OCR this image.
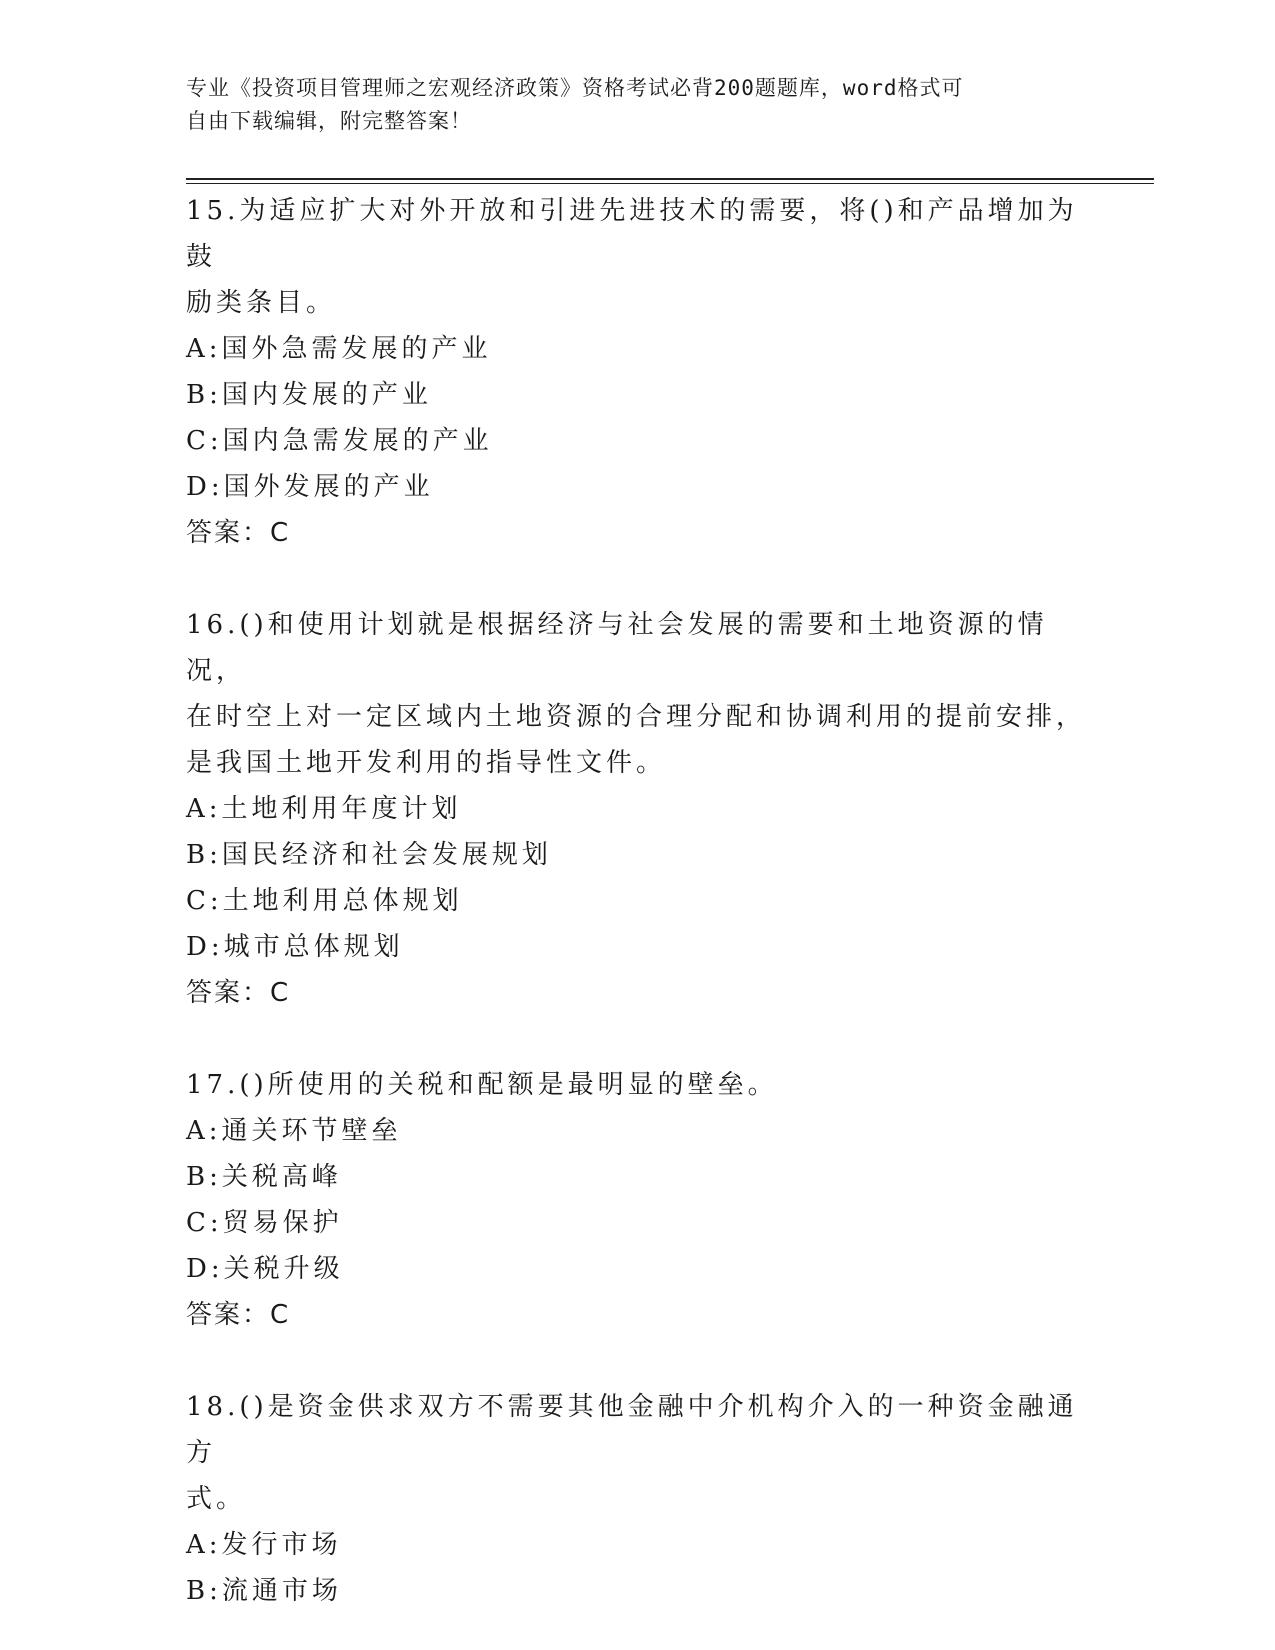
专业《投资项目管理师之宏观经济政策》资格考试必背200题题库，word格式可
自由下载编辑，附完整答案！
15.为适应扩大对外开放和引进先进技术的需要，将()和产品增加为鼓
励类条目。
A:国外急需发展的产业
B:国内发展的产业
C:国内急需发展的产业
D:国外发展的产业
答案：C
16.()和使用计划就是根据经济与社会发展的需要和土地资源的情况，
在时空上对一定区域内土地资源的合理分配和协调利用的提前安排，
是我国土地开发利用的指导性文件。
A:土地利用年度计划
B:国民经济和社会发展规划
C:土地利用总体规划
D:城市总体规划
答案：C
17.()所使用的关税和配额是最明显的壁垒。
A:通关环节壁垒
B:关税高峰
C:贸易保护
D:关税升级
答案：C
18.()是资金供求双方不需要其他金融中介机构介入的一种资金融通方
式。
A:发行市场
B:流通市场
